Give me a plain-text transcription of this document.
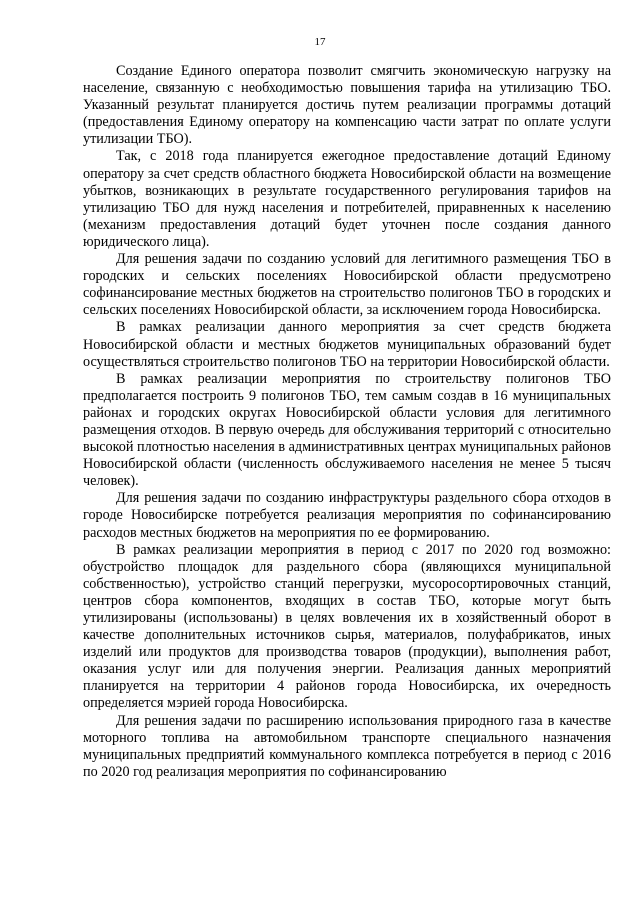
17

Создание Единого оператора позволит смягчить экономическую нагрузку на население, связанную с необходимостью повышения тарифа на утилизацию ТБО. Указанный результат планируется достичь путем реализации программы дотаций (предоставления Единому оператору на компенсацию части затрат по оплате услуги утилизации ТБО).

Так, с 2018 года планируется ежегодное предоставление дотаций Единому оператору за счет средств областного бюджета Новосибирской области на возмещение убытков, возникающих в результате государственного регулирования тарифов на утилизацию ТБО для нужд населения и потребителей, приравненных к населению (механизм предоставления дотаций будет уточнен после создания данного юридического лица).

Для решения задачи по созданию условий для легитимного размещения ТБО в городских и сельских поселениях Новосибирской области предусмотрено софинансирование местных бюджетов на строительство полигонов ТБО в городских и сельских поселениях Новосибирской области, за исключением города Новосибирска.

В рамках реализации данного мероприятия за счет средств бюджета Новосибирской области и местных бюджетов муниципальных образований будет осуществляться строительство полигонов ТБО на территории Новосибирской области.

В рамках реализации мероприятия по строительству полигонов ТБО предполагается построить 9 полигонов ТБО, тем самым создав в 16 муниципальных районах и городских округах Новосибирской области условия для легитимного размещения отходов. В первую очередь для обслуживания территорий с относительно высокой плотностью населения в административных центрах муниципальных районов Новосибирской области (численность обслуживаемого населения не менее 5 тысяч человек).

Для решения задачи по созданию инфраструктуры раздельного сбора отходов в городе Новосибирске потребуется реализация мероприятия по софинансированию расходов местных бюджетов на мероприятия по ее формированию.

В рамках реализации мероприятия в период с 2017 по 2020 год возможно: обустройство площадок для раздельного сбора (являющихся муниципальной собственностью), устройство станций перегрузки, мусоросортировочных станций, центров сбора компонентов, входящих в состав ТБО, которые могут быть утилизированы (использованы) в целях вовлечения их в хозяйственный оборот в качестве дополнительных источников сырья, материалов, полуфабрикатов, иных изделий или продуктов для производства товаров (продукции), выполнения работ, оказания услуг или для получения энергии. Реализация данных мероприятий планируется на территории 4 районов города Новосибирска, их очередность определяется мэрией города Новосибирска.

Для решения задачи по расширению использования природного газа в качестве моторного топлива на автомобильном транспорте специального назначения муниципальных предприятий коммунального комплекса потребуется в период с 2016 по 2020 год реализация мероприятия по софинансированию
